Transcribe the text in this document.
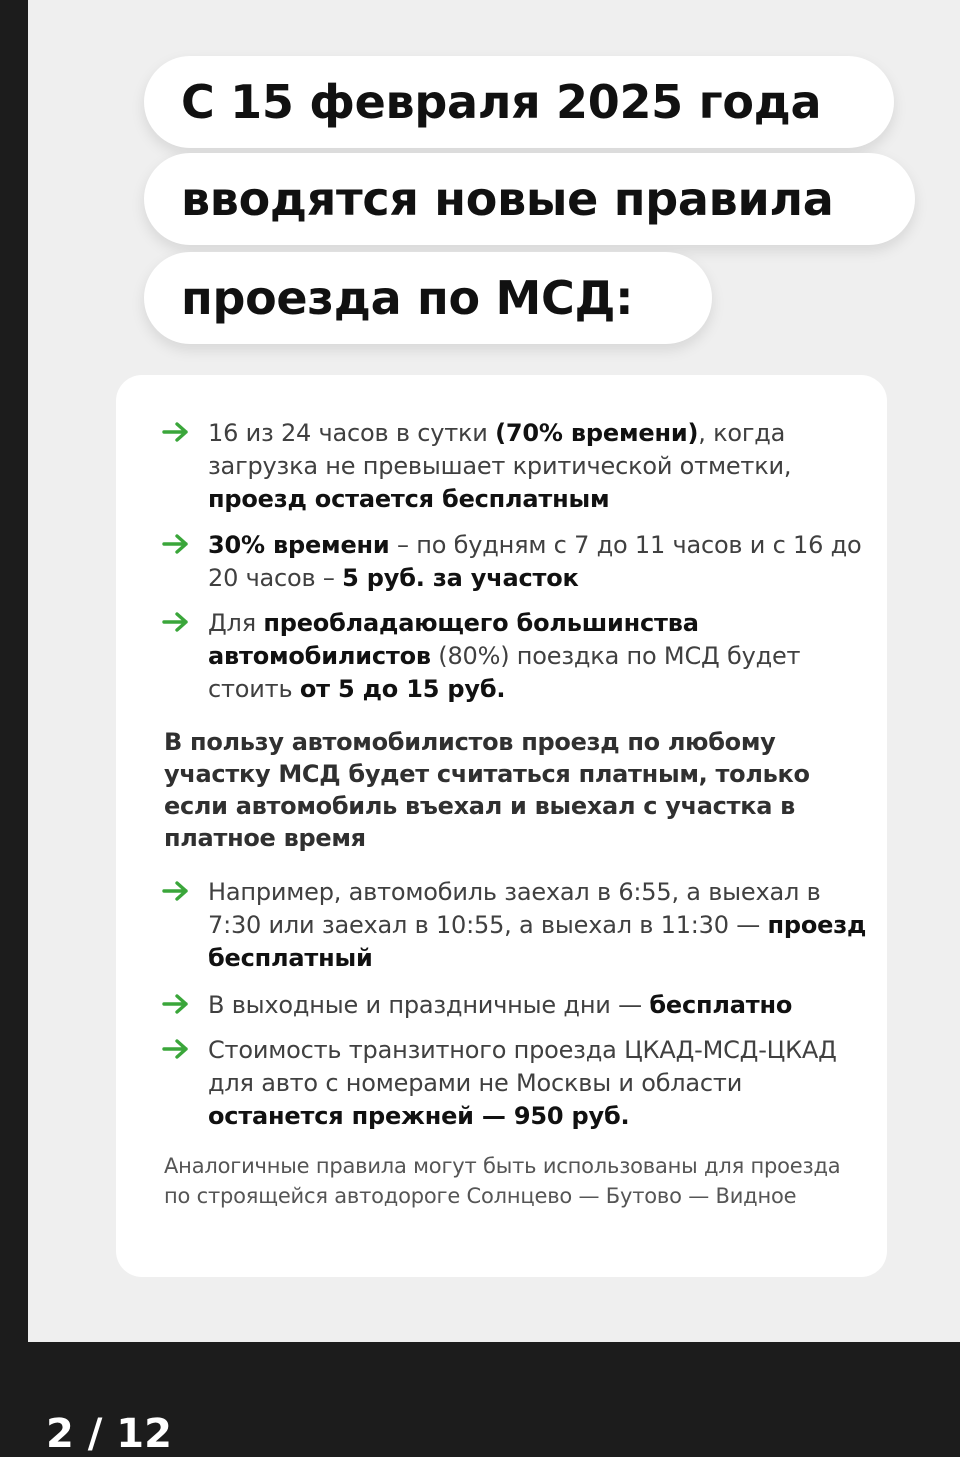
С 15 февраля 2025 года
вводятся новые правила
проезда по МСД:
16 из 24 часов в сутки (70% времени), когда загрузка не превышает критической отметки, проезд остается бесплатным
30% времени – по будням с 7 до 11 часов и с 16 до 20 часов – 5 руб. за участок
Для преобладающего большинства автомобилистов (80%) поездка по МСД будет стоить от 5 до 15 руб.
В пользу автомобилистов проезд по любому участку МСД будет считаться платным, только если автомобиль въехал и выехал с участка в платное время
Например, автомобиль заехал в 6:55, а выехал в 7:30 или заехал в 10:55, а выехал в 11:30 — проезд бесплатный
В выходные и праздничные дни — бесплатно
Стоимость транзитного проезда ЦКАД-МСД-ЦКАД для авто с номерами не Москвы и области останется прежней — 950 руб.
Аналогичные правила могут быть использованы для проезда по строящейся автодороге Солнцево — Бутово — Видное
2 / 12
